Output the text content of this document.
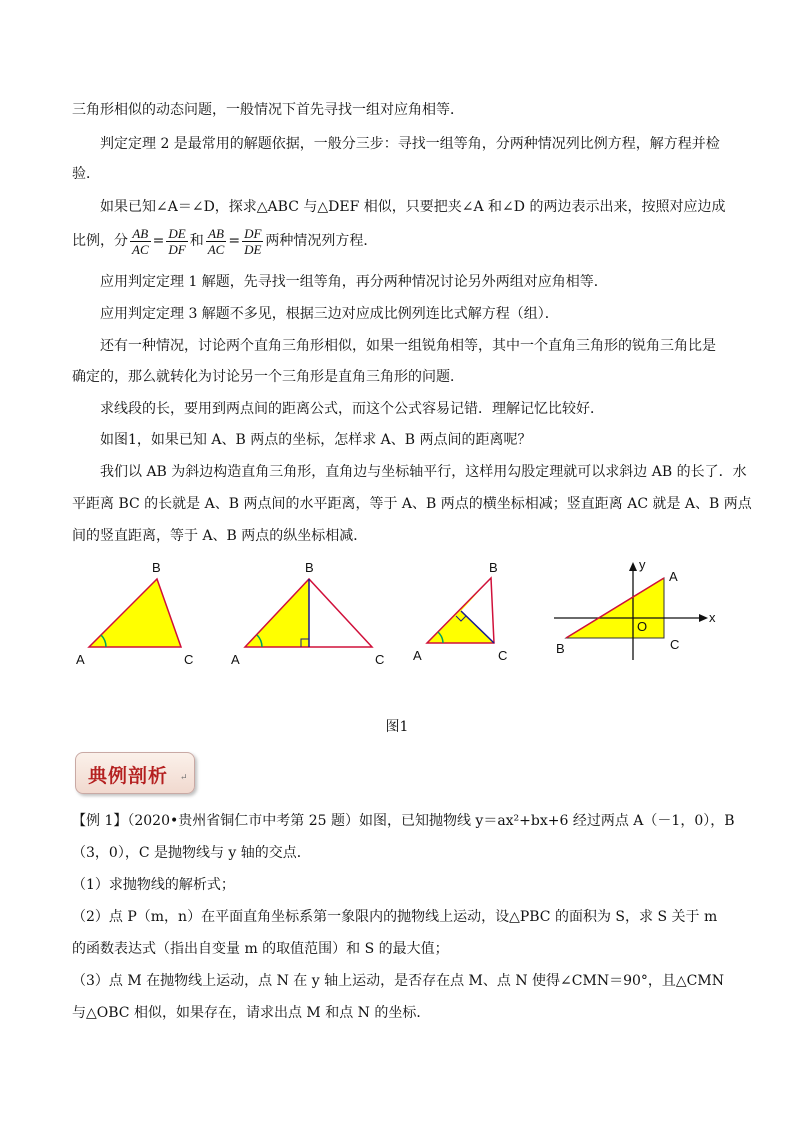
三角形相似的动态问题，一般情况下首先寻找一组对应角相等．
判定定理 2 是最常用的解题依据，一般分三步：寻找一组等角，分两种情况列比例方程，解方程并检
验．
如果已知∠A＝∠D，探求△ABC 与△DEF 相似，只要把夹∠A 和∠D 的两边表示出来，按照对应边成
比例，分 $\frac{AB}{AC} = \frac{DE}{DF}$ 和 $\frac{AB}{AC} = \frac{DF}{DE}$ 两种情况列方程．
应用判定定理 1 解题，先寻找一组等角，再分两种情况讨论另外两组对应角相等．
应用判定定理 3 解题不多见，根据三边对应成比例列连比式解方程（组）．
还有一种情况，讨论两个直角三角形相似，如果一组锐角相等，其中一个直角三角形的锐角三角比是
确定的，那么就转化为讨论另一个三角形是直角三角形的问题．
求线段的长，要用到两点间的距离公式，而这个公式容易记错．理解记忆比较好．
如图1，如果已知 A、B 两点的坐标，怎样求 A、B 两点间的距离呢？
我们以 AB 为斜边构造直角三角形，直角边与坐标轴平行，这样用勾股定理就可以求斜边 AB 的长了．水
平距离 BC 的长就是 A、B 两点间的水平距离，等于 A、B 两点的横坐标相减；竖直距离 AC 就是 A、B 两点
间的竖直距离，等于 A、B 两点的纵坐标相减．
A
B
C	A
B
C A
B
C
y
x
A
B	C
O
图1
典例剖析 ↵
【例 1】（2020•贵州省铜仁市中考第 25 题）如图，已知抛物线 y＝ax²+bx+6 经过两点 A（－1，0），B
（3，0），C 是抛物线与 y 轴的交点．
（1）求抛物线的解析式；
（2）点 P（m，n）在平面直角坐标系第一象限内的抛物线上运动，设△PBC 的面积为 S，求 S 关于 m
的函数表达式（指出自变量 m 的取值范围）和 S 的最大值；
（3）点 M 在抛物线上运动，点 N 在 y 轴上运动，是否存在点 M、点 N 使得∠CMN＝90°，且△CMN
与△OBC 相似，如果存在，请求出点 M 和点 N 的坐标．
